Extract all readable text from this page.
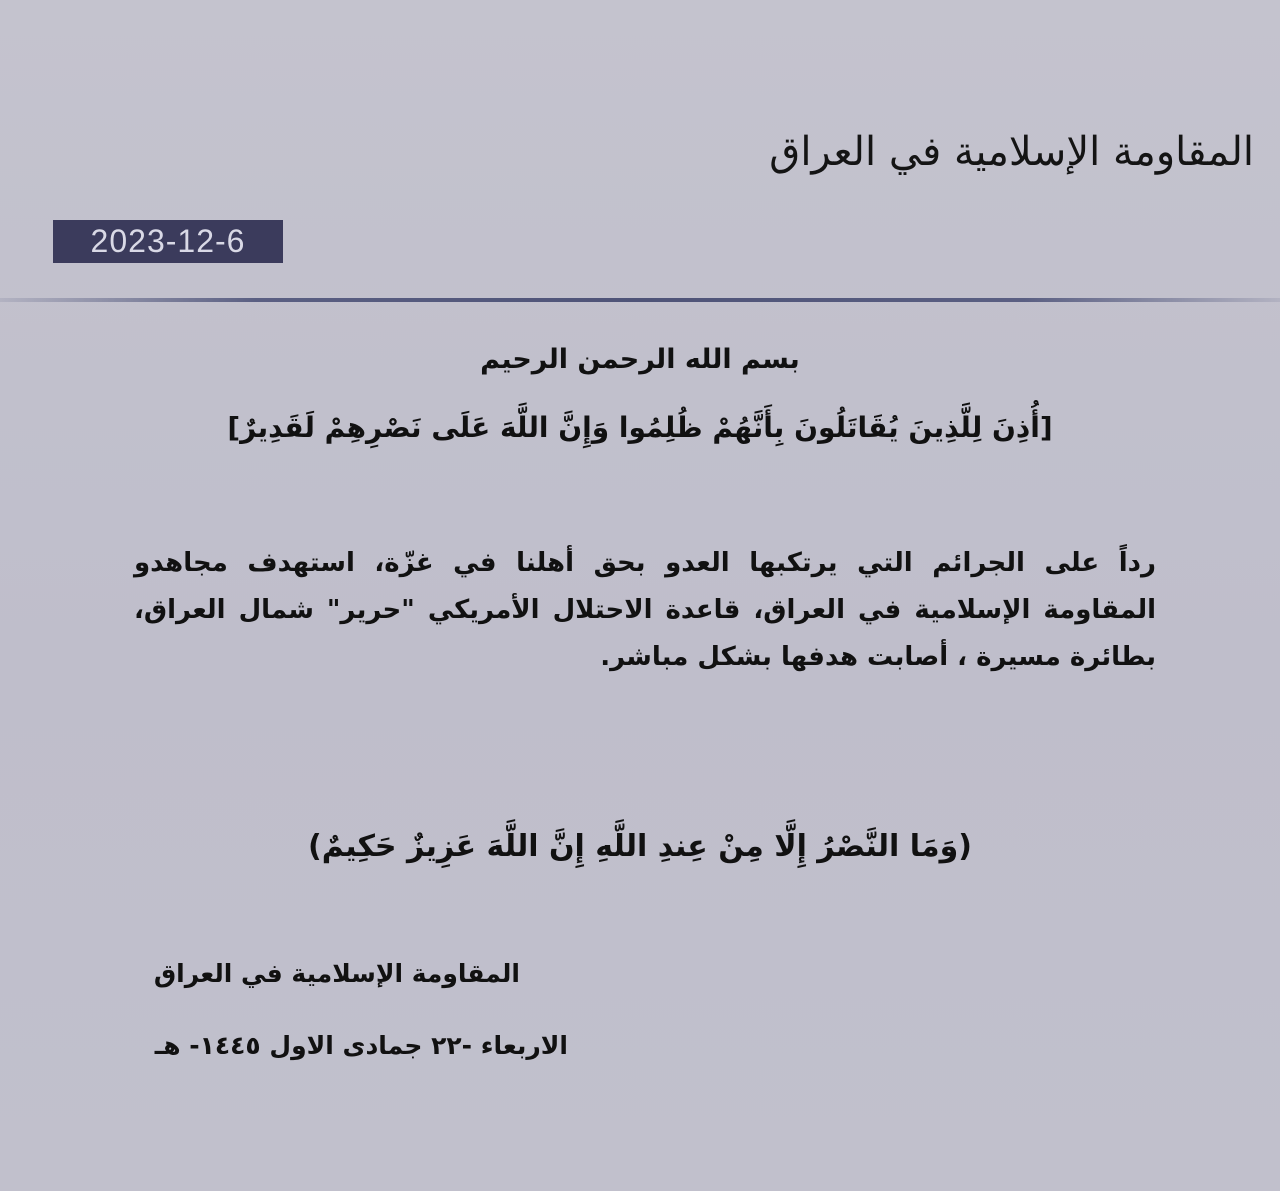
المقاومة الإسلامية في العراق
2023-12-6
بسم الله الرحمن الرحيم
[أُذِنَ لِلَّذِينَ يُقَاتَلُونَ بِأَنَّهُمْ ظُلِمُوا وَإِنَّ اللَّهَ عَلَى نَصْرِهِمْ لَقَدِيرٌ]
رداً على الجرائم التي يرتكبها العدو بحق أهلنا في غزّة، استهدف مجاهدو المقاومة الإسلامية في العراق، قاعدة الاحتلال الأمريكي "حرير" شمال العراق، بطائرة مسيرة ، أصابت هدفها بشكل مباشر.
(وَمَا النَّصْرُ إِلَّا مِنْ عِندِ اللَّهِ إِنَّ اللَّهَ عَزِيزٌ حَكِيمٌ)
المقاومة الإسلامية في العراق
الاربعاء -٢٢ جمادى الاول ١٤٤٥- هـ
